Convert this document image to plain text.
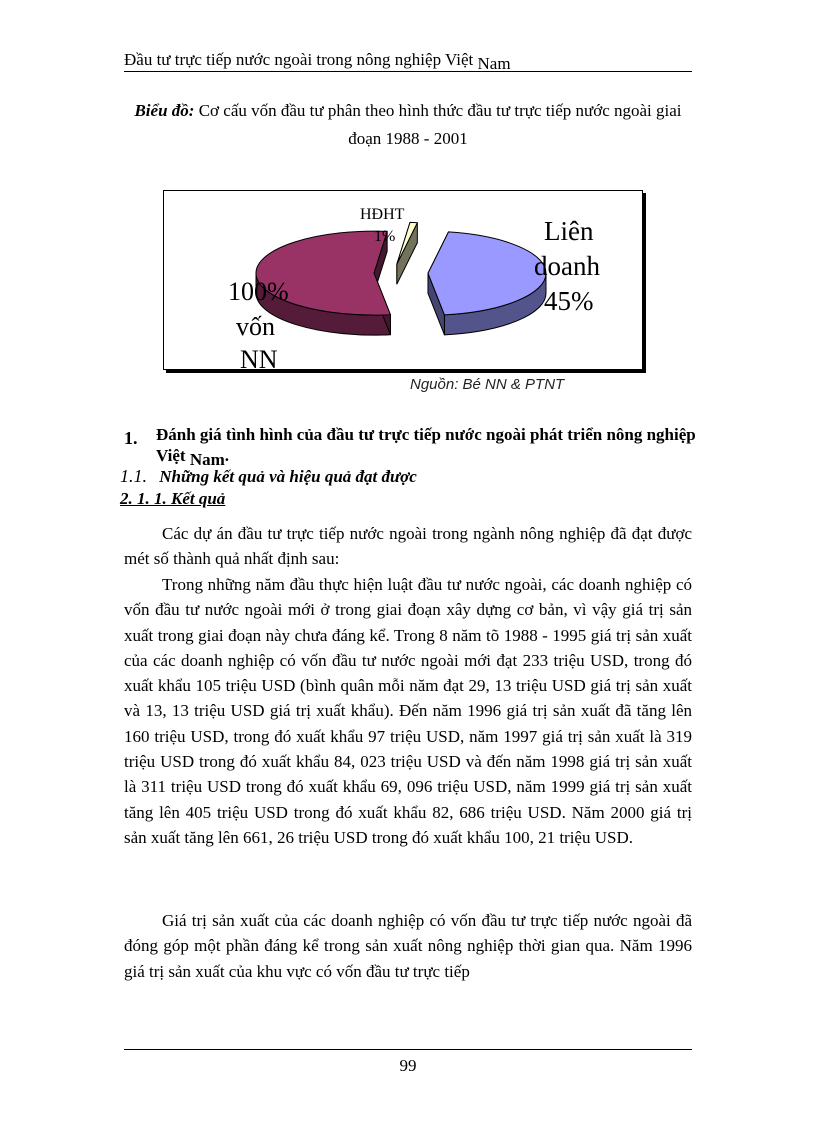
Đầu tư trực tiếp nước ngoài trong nông nghiệp Việt Nam
Biểu đồ: Cơ cấu vốn đầu tư phân theo hình thức đầu tư trực tiếp nước ngoài giai đoạn 1988 - 2001
HĐHT
1%	Liên
doanh
45%
100%
vốn
NN
Nguồn: Bé NN & PTNT
1. Đánh giá tình hình của đầu tư trực tiếp nước ngoài phát triển nông nghiệp Việt Nam.
1.1. Những kết quả và hiệu quả đạt được
2. 1. 1. Kết quả

Các dự án đầu tư trực tiếp nước ngoài trong ngành nông nghiệp đã đạt được mét số thành quả nhất định sau:

Trong những năm đầu thực hiện luật đầu tư nước ngoài, các doanh nghiệp có vốn đầu tư nước ngoài mới ở trong giai đoạn xây dựng cơ bản, vì vậy giá trị sản xuất trong giai đoạn này chưa đáng kể. Trong 8 năm tõ 1988 - 1995 giá trị sản xuất của các doanh nghiệp có vốn đầu tư nước ngoài mới đạt 233 triệu USD, trong đó xuất khẩu 105 triệu USD (bình quân mỗi năm đạt 29, 13 triệu USD giá trị sản xuất và 13, 13 triệu USD giá trị xuất khẩu). Đến năm 1996 giá trị sản xuất đã tăng lên 160 triệu USD, trong đó xuất khẩu 97 triệu USD, năm 1997 giá trị sản xuất là 319 triệu USD trong đó xuất khẩu 84, 023 triệu USD và đến năm 1998 giá trị sản xuất là 311 triệu USD trong đó xuất khẩu 69, 096 triệu USD, năm 1999 giá trị sản xuất tăng lên 405 triệu USD trong đó xuất khẩu 82, 686 triệu USD. Năm 2000 giá trị sản xuất tăng lên 661, 26 triệu USD trong đó xuất khẩu 100, 21 triệu USD.

Giá trị sản xuất của các doanh nghiệp có vốn đầu tư trực tiếp nước ngoài đã đóng góp một phần đáng kể trong sản xuất nông nghiệp thời gian qua. Năm 1996 giá trị sản xuất của khu vực có vốn đầu tư trực tiếp

99
